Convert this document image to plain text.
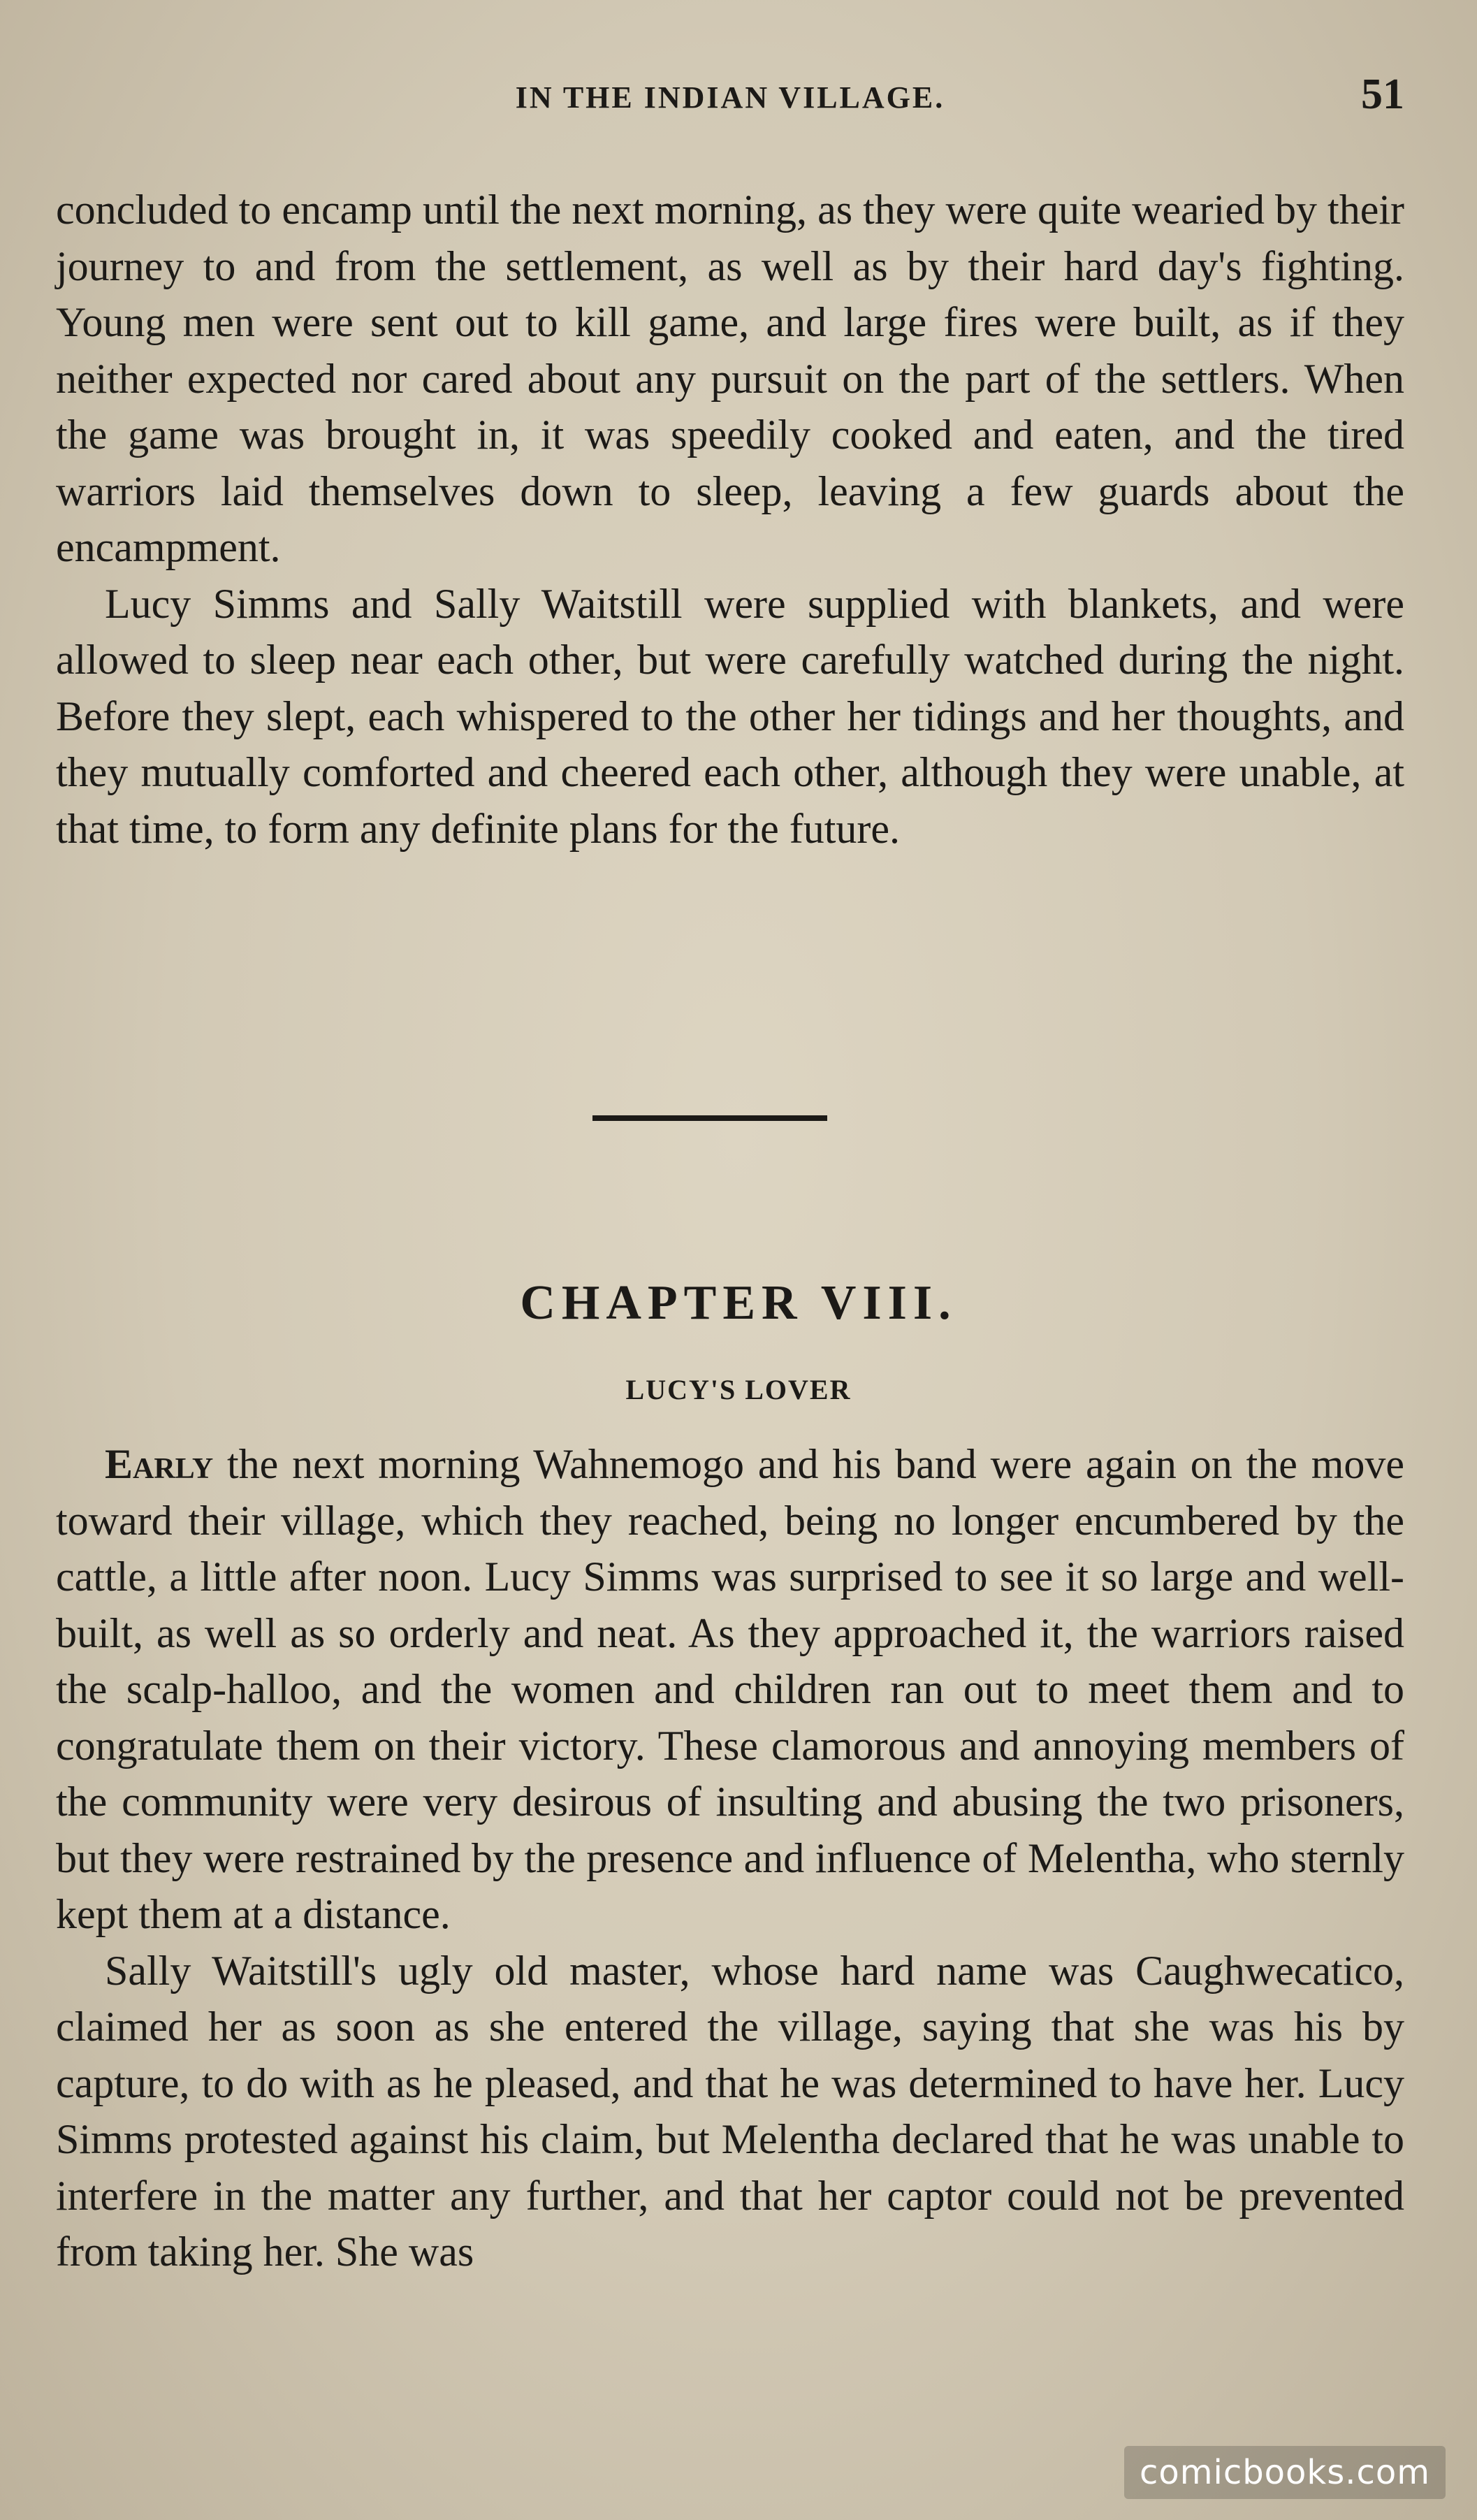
IN THE INDIAN VILLAGE.	51

concluded to encamp until the next morning, as they were quite wearied by their journey to and from the settlement, as well as by their hard day's fighting. Young men were sent out to kill game, and large fires were built, as if they neither expected nor cared about any pursuit on the part of the settlers. When the game was brought in, it was speedily cooked and eaten, and the tired warriors laid themselves down to sleep, leaving a few guards about the encampment.

Lucy Simms and Sally Waitstill were supplied with blankets, and were allowed to sleep near each other, but were carefully watched during the night. Before they slept, each whispered to the other her tidings and her thoughts, and they mutually comforted and cheered each other, although they were unable, at that time, to form any definite plans for the future.

CHAPTER VIII.
LUCY'S LOVER

Early the next morning Wahnemogo and his band were again on the move toward their village, which they reached, being no longer encumbered by the cattle, a little after noon. Lucy Simms was surprised to see it so large and well-built, as well as so orderly and neat. As they approached it, the warriors raised the scalp-halloo, and the women and children ran out to meet them and to congratulate them on their victory. These clamorous and annoying members of the community were very desirous of insulting and abusing the two prisoners, but they were restrained by the presence and influence of Melentha, who sternly kept them at a distance.

Sally Waitstill's ugly old master, whose hard name was Caughwecatico, claimed her as soon as she entered the village, saying that she was his by capture, to do with as he pleased, and that he was determined to have her. Lucy Simms protested against his claim, but Melentha declared that he was unable to interfere in the matter any further, and that her captor could not be prevented from taking her. She was

comicbooks.com
